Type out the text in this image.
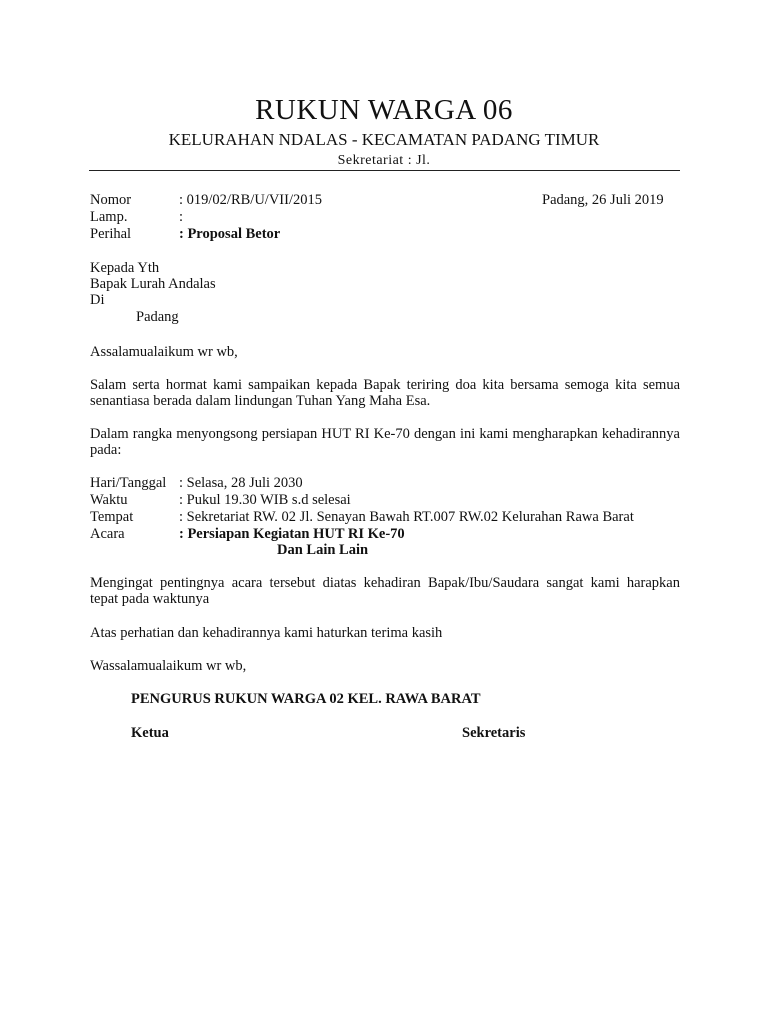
RUKUN WARGA 06
KELURAHAN NDALAS - KECAMATAN PADANG TIMUR
Sekretariat : Jl.
Nomor	: 019/02/RB/U/VII/2015	Padang, 26 Juli 2019
Lamp.	:
Perihal	: Proposal Betor
Kepada Yth
Bapak Lurah Andalas
Di
Padang
Assalamualaikum wr wb,
Salam serta hormat kami sampaikan kepada Bapak teriring doa kita bersama semoga kita semua
senantiasa berada dalam lindungan Tuhan Yang Maha Esa.
Dalam rangka menyongsong persiapan HUT RI Ke-70 dengan ini kami mengharapkan kehadirannya
pada:
Hari/Tanggal : Selasa, 28 Juli 2030
Waktu	: Pukul 19.30 WIB s.d selesai
Tempat	: Sekretariat RW. 02 Jl. Senayan Bawah RT.007 RW.02 Kelurahan Rawa Barat
Acara	: Persiapan Kegiatan HUT RI Ke-70
Dan Lain Lain
Mengingat pentingnya acara tersebut diatas kehadiran Bapak/Ibu/Saudara sangat kami harapkan
tepat pada waktunya
Atas perhatian dan kehadirannya kami haturkan terima kasih
Wassalamualaikum wr wb,
PENGURUS RUKUN WARGA 02 KEL. RAWA BARAT
Ketua	Sekretaris
